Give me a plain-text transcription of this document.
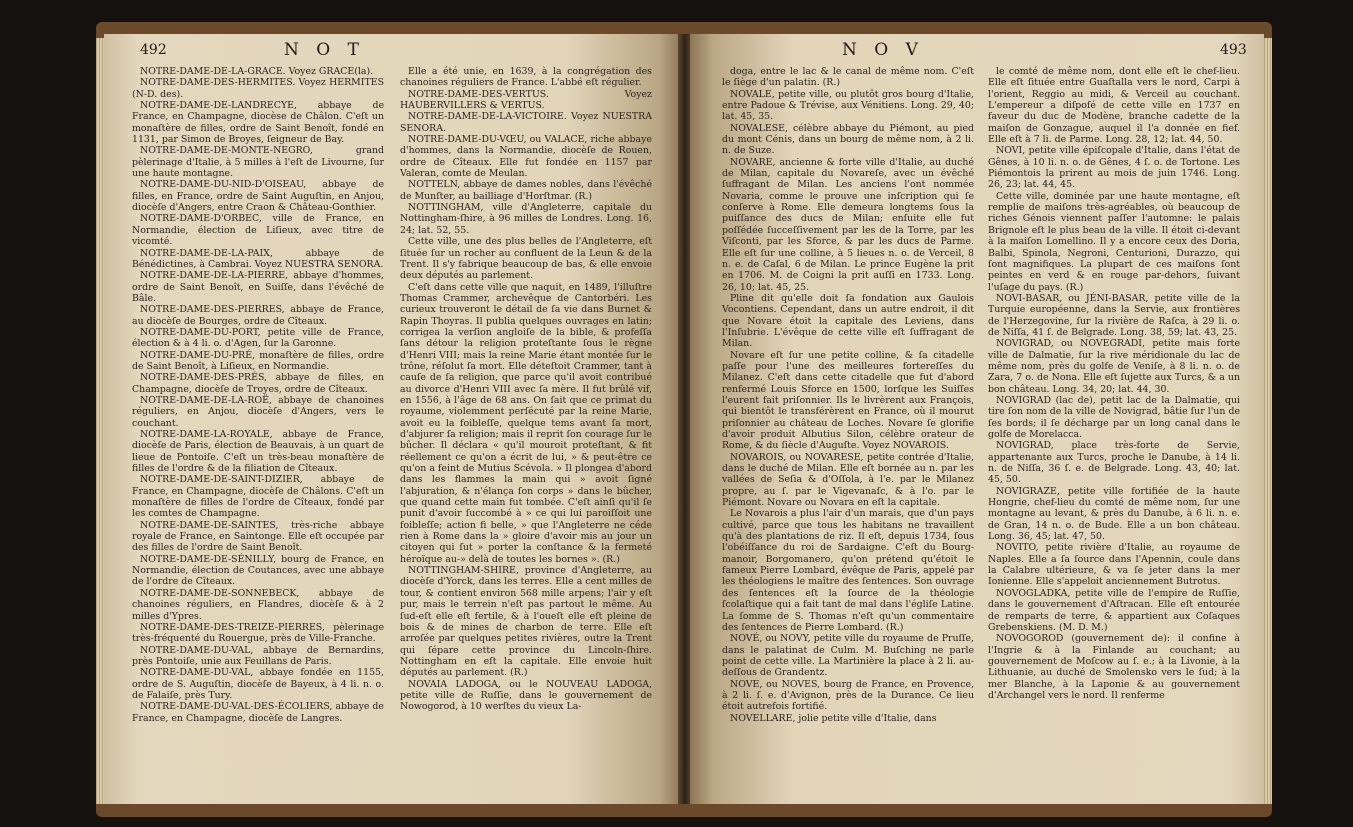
492	N O T

NOTRE-DAME-DE-LA-GRACE. Voyez GRACE(la).

NOTRE-DAME-DES-HERMITES. Voyez HERMITES (N-D. des).

NOTRE-DAME-DE-LANDRECYE, abbaye de France, en Champagne, diocèse de Châlon. C'eſt un monaſtère de filles, ordre de Saint Benoît, fondé en 1131, par Simon de Broyes, ſeigneur de Bay.

NOTRE-DAME-DE-MONTE-NEGRO, grand pèlerinage d'Italie, à 5 milles à l'eſt de Livourne, ſur une haute montagne.

NOTRE-DAME-DU-NID-D'OISEAU, abbaye de filles, en France, ordre de Saint Auguſtin, en Anjou, diocèſe d'Angers, entre Craon & Château-Gonthier.

NOTRE-DAME-D'ORBEC, ville de France, en Normandie, élection de Liſieux, avec titre de vicomté.

NOTRE-DAME-DE-LA-PAIX, abbaye de Bénédictines, à Cambrai. Voyez NUESTRA SENORA.

NOTRE-DAME-DE-LA-PIERRE, abbaye d'hommes, ordre de Saint Benoît, en Suiſſe, dans l'évêché de Bâle.

NOTRE-DAME-DES-PIERRES, abbaye de France, au diocèſe de Bourges, ordre de Cîteaux.

NOTRE-DAME-DU-PORT, petite ville de France, élection & à 4 li. o. d'Agen, ſur la Garonne.

NOTRE-DAME-DU-PRÉ, monaſtère de filles, ordre de Saint Benoît, à Liſieux, en Normandie.

NOTRE-DAME-DES-PRÉS, abbaye de filles, en Champagne, diocèſe de Troyes, ordre de Cîteaux.

NOTRE-DAME-DE-LA-ROË, abbaye de chanoines réguliers, en Anjou, diocèſe d'Angers, vers le couchant.

NOTRE-DAME-LA-ROYALE, abbaye de France, diocèſe de Paris, élection de Beauvais, à un quart de lieue de Pontoiſe. C'eſt un très-beau monaſtère de filles de l'ordre & de la filiation de Cîteaux.

NOTRE-DAME-DE-SAINT-DIZIER, abbaye de France, en Champagne, diocèſe de Châlons. C'eſt un monaſtère de filles de l'ordre de Cîteaux, fondé par les comtes de Champagne.

NOTRE-DAME-DE-SAINTES, très-riche abbaye royale de France, en Saintonge. Elle eſt occupée par des filles de l'ordre de Saint Benoît.

NOTRE-DAME-DE-SÉNILLY, bourg de France, en Normandie, élection de Coutances, avec une abbaye de l'ordre de Cîteaux.

NOTRE-DAME-DE-SONNEBECK, abbaye de chanoines réguliers, en Flandres, diocèſe & à 2 milles d'Ypres.

NOTRE-DAME-DES-TREIZE-PIERRES, pèlerinage très-fréquenté du Rouergue, près de Ville-Franche.

NOTRE-DAME-DU-VAL, abbaye de Bernardins, près Pontoiſe, unie aux Feuillans de Paris.

NOTRE-DAME-DU-VAL, abbaye fondée en 1155, ordre de S. Auguſtin, diocèſe de Bayeux, à 4 li. n. o. de Falaiſe, près Tury.

NOTRE-DAME-DU-VAL-DES-ÉCOLIERS, abbaye de France, en Champagne, diocèſe de Langres.

Elle a été unie, en 1639, à la congrégation des chanoines réguliers de France. L'abbé eſt régulier.

NOTRE-DAME-DES-VERTUS. Voyez HAUBERVILLERS & VERTUS.

NOTRE-DAME-DE-LA-VICTOIRE. Voyez NUESTRA SENORA.

NOTRE-DAME-DU-VŒU, ou VALACE, riche abbaye d'hommes, dans la Normandie, diocèſe de Rouen, ordre de Cîteaux. Elle fut fondée en 1157 par Valeran, comte de Meulan.

NOTTELN, abbaye de dames nobles, dans l'évêché de Munſter, au bailliage d'Horſtmar. (R.)

NOTTINGHAM, ville d'Angleterre, capitale du Nottingham-ſhire, à 96 milles de Londres. Long. 16, 24; lat. 52, 55.

Cette ville, une des plus belles de l'Angleterre, eſt ſituée ſur un rocher au confluent de la Leun & de la Trent. Il s'y fabrique beaucoup de bas, & elle envoie deux députés au parlement.

C'eſt dans cette ville que naquit, en 1489, l'illuſtre Thomas Crammer, archevêque de Cantorbéri. Les curieux trouveront le détail de ſa vie dans Burnet & Rapin Thoyras. Il publia quelques ouvrages en latin; corrigea la verſion angloiſe de la bible, & profeſſa ſans détour la religion proteſtante ſous le règne d'Henri VIII; mais la reine Marie étant montée ſur le trône, réſolut ſa mort. Elle déteſtoit Crammer, tant à cauſe de ſa religion, que parce qu'il avoit contribué au divorce d'Henri VIII avec ſa mère. Il fut brûlé vif, en 1556, à l'âge de 68 ans. On ſait que ce primat du royaume, violemment perſécuté par la reine Marie, avoit eu la foibleſſe, quelque tems avant ſa mort, d'abjurer ſa religion; mais il reprit ſon courage ſur le bûcher. Il déclara « qu'il mouroit proteſtant, & fit réellement ce qu'on a écrit de lui, » & peut-être ce qu'on a feint de Mutius Scévola. » Il plongea d'abord dans les flammes la main qui » avoit ſigné l'abjuration, & n'élança ſon corps » dans le bûcher, que quand cette main fut tombée. C'eſt ainſi qu'il ſe punit d'avoir ſuccombé à » ce qui lui paroiſſoit une foibleſſe; action fi belle, » que l'Angleterre ne céde rien à Rome dans la » gloire d'avoir mis au jour un citoyen qui ſut » porter la conſtance & la fermeté héroïque au-» delà de toutes les bornes ». (R.)

NOTTINGHAM-SHIRE, province d'Angleterre, au diocèſe d'Yorck, dans les terres. Elle a cent milles de tour, & contient environ 568 mille arpens; l'air y eſt pur, mais le terrein n'eſt pas partout le même. Au ſud-eſt elle eſt fertile, & à l'oueſt elle eſt pleine de bois & de mines de charbon de terre. Elle eſt arroſée par quelques petites rivières, outre la Trent qui ſépare cette province du Lincoln-ſhire. Nottingham en eſt la capitale. Elle envoie huit députés au parlement. (R.)

NOVAIA LADOGA, ou le NOUVEAU LADOGA, petite ville de Ruſſie, dans le gouvernement de Nowogorod, à 10 werſtes du vieux La-

N O V	493

doga, entre le lac & le canal de même nom. C'eſt le ſiège d'un palatin. (R.)

NOVALE, petite ville, ou plutôt gros bourg d'Italie, entre Padoue & Trévise, aux Vénitiens. Long. 29, 40; lat. 45, 35.

NOVALESE, célèbre abbaye du Piémont, au pied du mont Cénis, dans un bourg de même nom, à 2 li. n. de Suze.

NOVARE, ancienne & forte ville d'Italie, au duché de Milan, capitale du Novareſe, avec un évêché ſuffragant de Milan. Les anciens l'ont nommée Novaria, comme le prouve une inſcription qui ſe conſerve à Rome. Elle demeura longtems ſous la puiſſance des ducs de Milan; enſuite elle fut poſſédée ſucceſſivement par les de la Torre, par les Viſconti, par les Sforce, & par les ducs de Parme. Elle eſt ſur une colline, à 5 lieues n. o. de Verceil, 8 n. e. de Caſal, 6 de Milan. Le prince Eugène la prit en 1706. M. de Coigni la prit auſſi en 1733. Long. 26, 10; lat. 45, 25.

Pline dit qu'elle doit ſa fondation aux Gaulois Vocontiens. Cependant, dans un autre endroit, il dit que Novare étoit la capitale des Leviens, dans l'Inſubrie. L'évêque de cette ville eſt ſuffragant de Milan.

Novare eſt ſur une petite colline, & ſa citadelle paſſe pour l'une des meilleures fortereſſes du Milanez. C'eſt dans cette citadelle que fut d'abord renfermé Louis Sforce en 1500, lorſque les Suiſſes l'eurent fait priſonnier. Ils le livrèrent aux François, qui bientôt le transférèrent en France, où il mourut priſonnier au château de Loches. Novare ſe glorifie d'avoir produit Albutius Silon, célèbre orateur de Rome, & du ſiècle d'Auguſte. Voyez NOVAROIS.

NOVAROIS, ou NOVARESE, petite contrée d'Italie, dans le duché de Milan. Elle eſt bornée au n. par les vallées de Seſia & d'Oſſola, à l'e. par le Milanez propre, au ſ. par le Vigevanaſc, & à l'o. par le Piémont. Novare ou Novara en eſt la capitale.

Le Novarois a plus l'air d'un marais, que d'un pays cultivé, parce que tous les habitans ne travaillent qu'à des plantations de riz. Il eſt, depuis 1734, ſous l'obéiſſance du roi de Sardaigne. C'eſt du Bourg-manoir, Borgomanero, qu'on prétend qu'étoit le fameux Pierre Lombard, évêque de Paris, appelé par les théologiens le maître des ſentences. Son ouvrage des ſentences eſt la ſource de la théologie ſcolaſtique qui a fait tant de mal dans l'égliſe Latine. La ſomme de S. Thomas n'eſt qu'un commentaire des ſentences de Pierre Lombard. (R.)

NOVÉ, ou NOVY, petite ville du royaume de Pruſſe, dans le palatinat de Culm. M. Buſching ne parle point de cette ville. La Martinière la place à 2 li. au-deſſous de Grandentz.

NOVE, ou NOVES, bourg de France, en Provence, à 2 li. ſ. e. d'Avignon, près de la Durance. Ce lieu étoit autrefois fortifié.

NOVELLARE, jolie petite ville d'Italie, dans

le comté de même nom, dont elle eſt le chef-lieu. Elle eſt ſituée entre Guaſtalla vers le nord, Carpi à l'orient, Reggio au midi, & Verceil au couchant. L'empereur a diſpoſé de cette ville en 1737 en faveur du duc de Modène, branche cadette de la maiſon de Gonzague, auquel il l'a donnée en fief. Elle eſt à 7 li. de Parme. Long. 28, 12; lat. 44, 50.

NOVI, petite ville épiſcopale d'Italie, dans l'état de Gênes, à 10 li. n. o. de Gênes, 4 ſ. o. de Tortone. Les Piémontois la prirent au mois de juin 1746. Long. 26, 23; lat. 44, 45.

Cette ville, dominée par une haute montagne, eſt remplie de maiſons très-agréables, où beaucoup de riches Génois viennent paſſer l'automne: le palais Brignole eſt le plus beau de la ville. Il étoit ci-devant à la maiſon Lomellino. Il y a encore ceux des Doria, Balbi, Spinola, Negroni, Centurioni, Durazzo, qui ſont magnifiques. La plupart de ces maiſons ſont peintes en verd & en rouge par-dehors, ſuivant l'uſage du pays. (R.)

NOVI-BASAR, ou JÉNI-BASAR, petite ville de la Turquie européenne, dans la Servie, aux frontières de l'Herzegovine, ſur la rivière de Raſca, à 29 li. o. de Niſſa, 41 ſ. de Belgrade. Long. 38, 59; lat. 43, 25.

NOVIGRAD, ou NOVEGRADI, petite mais forte ville de Dalmatie, ſur la rive méridionale du lac de même nom, près du golfe de Veniſe, à 8 li. n. o. de Zara, 7 o. de Nona. Elle eſt ſujette aux Turcs, & a un bon château. Long. 34, 20; lat. 44, 30.

NOVIGRAD (lac de), petit lac de la Dalmatie, qui tire ſon nom de la ville de Novigrad, bâtie ſur l'un de ſes bords; il ſe décharge par un long canal dans le golfe de Morelacca.

NOVIGRAD, place très-forte de Servie, appartenante aux Turcs, proche le Danube, à 14 li. n. de Niſſa, 36 ſ. e. de Belgrade. Long. 43, 40; lat. 45, 50.

NOVIGRAZE, petite ville fortifiée de la haute Hongrie, chef-lieu du comté de même nom, ſur une montagne au levant, & près du Danube, à 6 li. n. e. de Gran, 14 n. o. de Bude. Elle a un bon château. Long. 36, 45; lat. 47, 50.

NOVITO, petite rivière d'Italie, au royaume de Naples. Elle a ſa ſource dans l'Apennin, coule dans la Calabre ultérieure, & va ſe jeter dans la mer Ionienne. Elle s'appeloit anciennement Butrotus.

NOVOGLADKA, petite ville de l'empire de Ruſſie, dans le gouvernement d'Aſtracan. Elle eſt entourée de remparts de terre, & appartient aux Coſaques Grebenskiens. (M. D. M.)

NOVOGOROD (gouvernement de): il confine à l'Ingrie & à la Finlande au couchant; au gouvernement de Moſcow au ſ. e.; à la Livonie, à la Lithuanie, au duché de Smolensko vers le ſud; à la mer Blanche, à la Laponie & au gouvernement d'Archangel vers le nord. Il renferme
